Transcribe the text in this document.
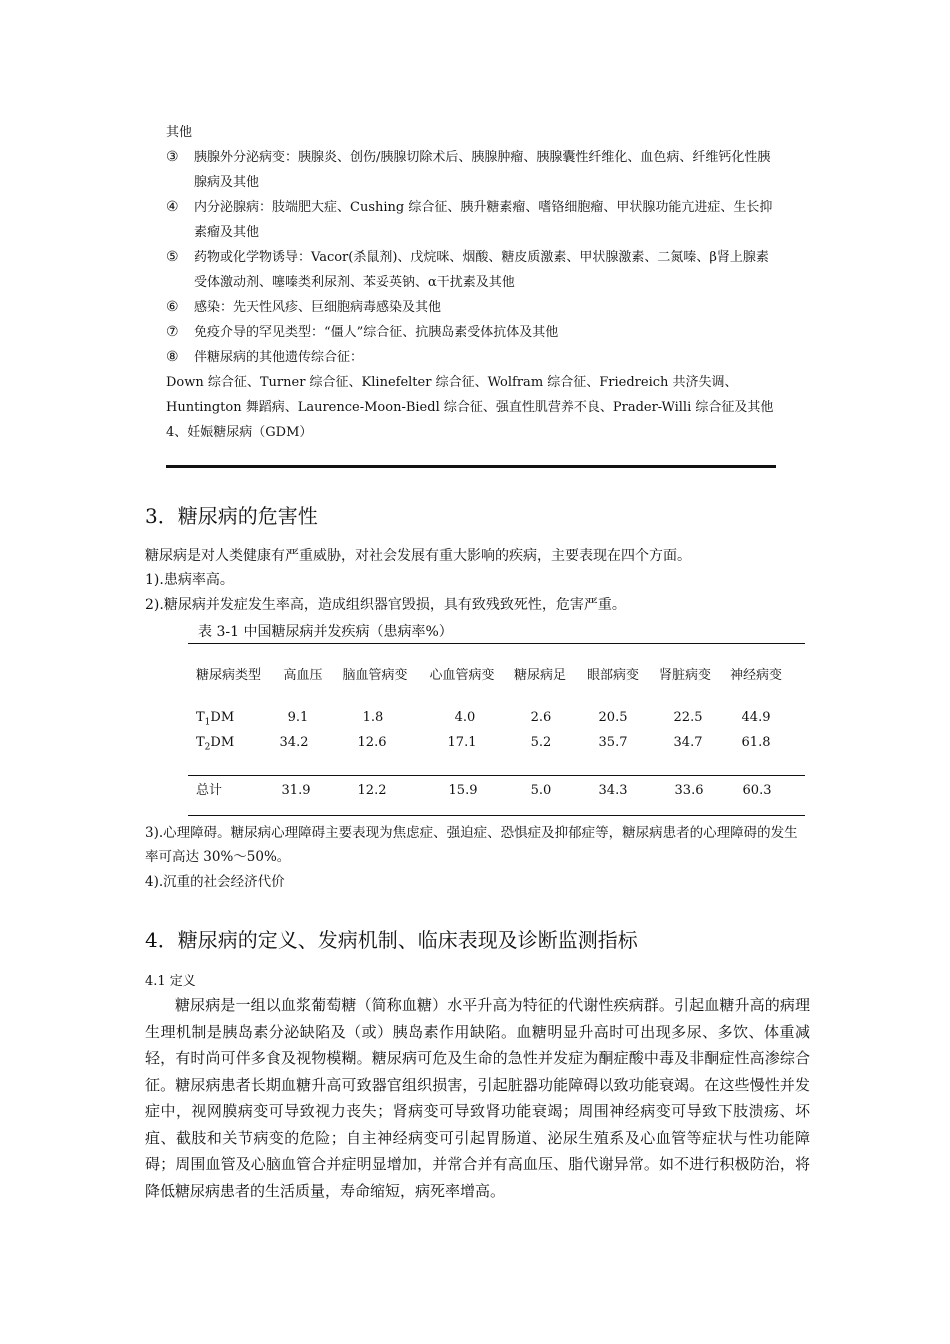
其他
③	胰腺外分泌病变：胰腺炎、创伤/胰腺切除术后、胰腺肿瘤、胰腺囊性纤维化、血色病、纤维钙化性胰腺病及其他
④	内分泌腺病：肢端肥大症、Cushing 综合征、胰升糖素瘤、嗜铬细胞瘤、甲状腺功能亢进症、生长抑素瘤及其他
⑤	药物或化学物诱导：Vacor(杀鼠剂)、戊烷咪、烟酸、糖皮质激素、甲状腺激素、二氮嗪、β肾上腺素受体激动剂、噻嗪类利尿剂、苯妥英钠、α干扰素及其他
⑥	感染：先天性风疹、巨细胞病毒感染及其他
⑦	免疫介导的罕见类型：“僵人”综合征、抗胰岛素受体抗体及其他
⑧	伴糖尿病的其他遗传综合征：
Down 综合征、Turner 综合征、Klinefelter 综合征、Wolfram 综合征、Friedreich 共济失调、Huntington 舞蹈病、Laurence-Moon-Biedl 综合征、强直性肌营养不良、Prader-Willi 综合征及其他
4、妊娠糖尿病（GDM）
3．糖尿病的危害性
糖尿病是对人类健康有严重威胁，对社会发展有重大影响的疾病，主要表现在四个方面。
1).患病率高。
2).糖尿病并发症发生率高，造成组织器官毁损，具有致残致死性，危害严重。
表 3-1 中国糖尿病并发疾病（患病率%）
糖尿病类型 高血压 脑血管病变 心血管病变 糖尿病足 眼部病变 肾脏病变 神经病变
$T_1DM$	9.1	1.8	4.0	2.6	20.5	22.5	44.9
$T_2DM$	34.2	12.6	17.1	5.2	35.7	34.7	61.8
总计	31.9	12.2	15.9	5.0	34.3	33.6	60.3
3).心理障碍。糖尿病心理障碍主要表现为焦虑症、强迫症、恐惧症及抑郁症等，糖尿病患者的心理障碍的发生率可高达 30%～50%。
4).沉重的社会经济代价
4．糖尿病的定义、发病机制、临床表现及诊断监测指标
4.1 定义
糖尿病是一组以血浆葡萄糖（简称血糖）水平升高为特征的代谢性疾病群。引起血糖升高的病理生理机制是胰岛素分泌缺陷及（或）胰岛素作用缺陷。血糖明显升高时可出现多尿、多饮、体重减轻，有时尚可伴多食及视物模糊。糖尿病可危及生命的急性并发症为酮症酸中毒及非酮症性高渗综合征。糖尿病患者长期血糖升高可致器官组织损害，引起脏器功能障碍以致功能衰竭。在这些慢性并发症中，视网膜病变可导致视力丧失；肾病变可导致肾功能衰竭；周围神经病变可导致下肢溃疡、坏疽、截肢和关节病变的危险；自主神经病变可引起胃肠道、泌尿生殖系及心血管等症状与性功能障碍；周围血管及心脑血管合并症明显增加，并常合并有高血压、脂代谢异常。如不进行积极防治，将降低糖尿病患者的生活质量，寿命缩短，病死率增高。
